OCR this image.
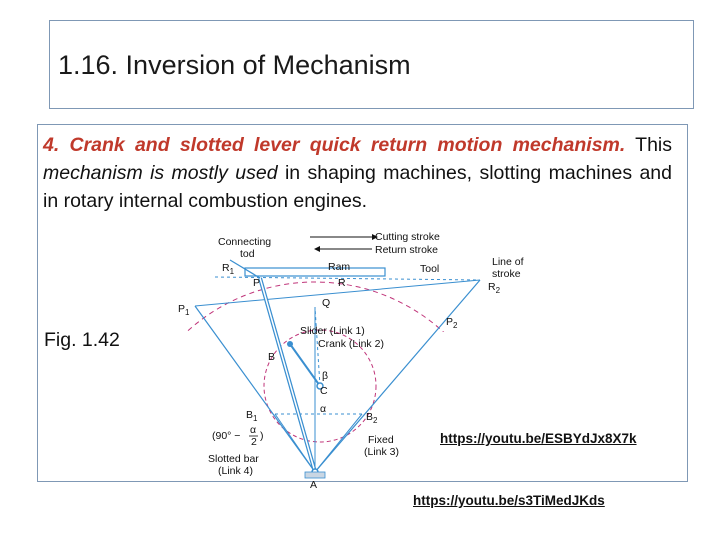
1.16. Inversion of Mechanism
4. Crank and slotted lever quick return motion mechanism. This mechanism is mostly used in shaping machines, slotting machines and in rotary internal combustion engines.
Fig. 1.42
Connecting
tod
Cutting stroke
Return stroke
$R_1$	Ram	Tool
Line of
stroke
P	R	$R_2$
Q
$P_1$
$P_2$
Slider (Link 1)
Crank (Link 2)
B
β
C
α
$B_1$	$B_2$
(90° − α
2 )
Slotted bar
(Link 4)
Fixed
(Link 3)
A
https://youtu.be/ESBYdJx8X7k
https://youtu.be/s3TiMedJKds
